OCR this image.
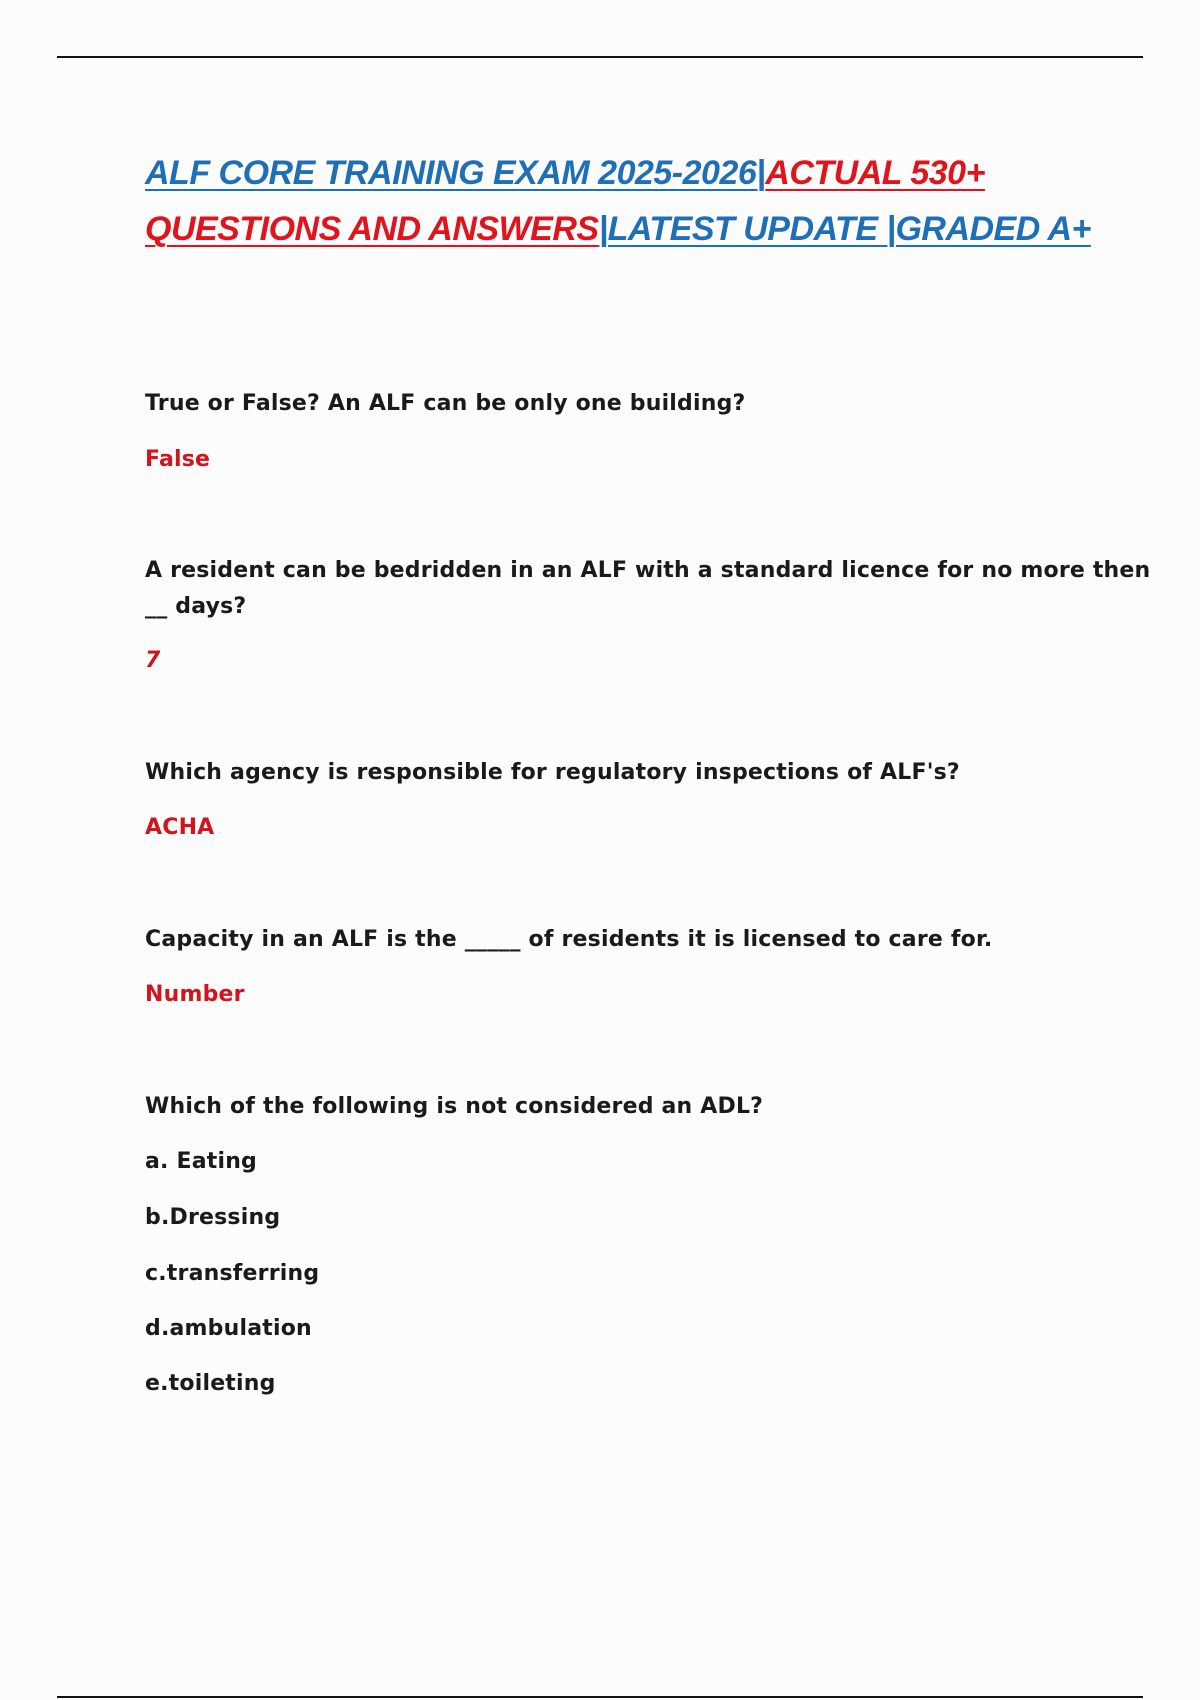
ALF CORE TRAINING EXAM 2025-2026|ACTUAL 530+ QUESTIONS AND ANSWERS|LATEST UPDATE |GRADED A+
True or False? An ALF can be only one building?
False
A resident can be bedridden in an ALF with a standard licence for no more then
__ days?
7
Which agency is responsible for regulatory inspections of ALF's?
ACHA
Capacity in an ALF is the _____ of residents it is licensed to care for.
Number
Which of the following is not considered an ADL?
a. Eating
b.Dressing
c.transferring
d.ambulation
e.toileting
